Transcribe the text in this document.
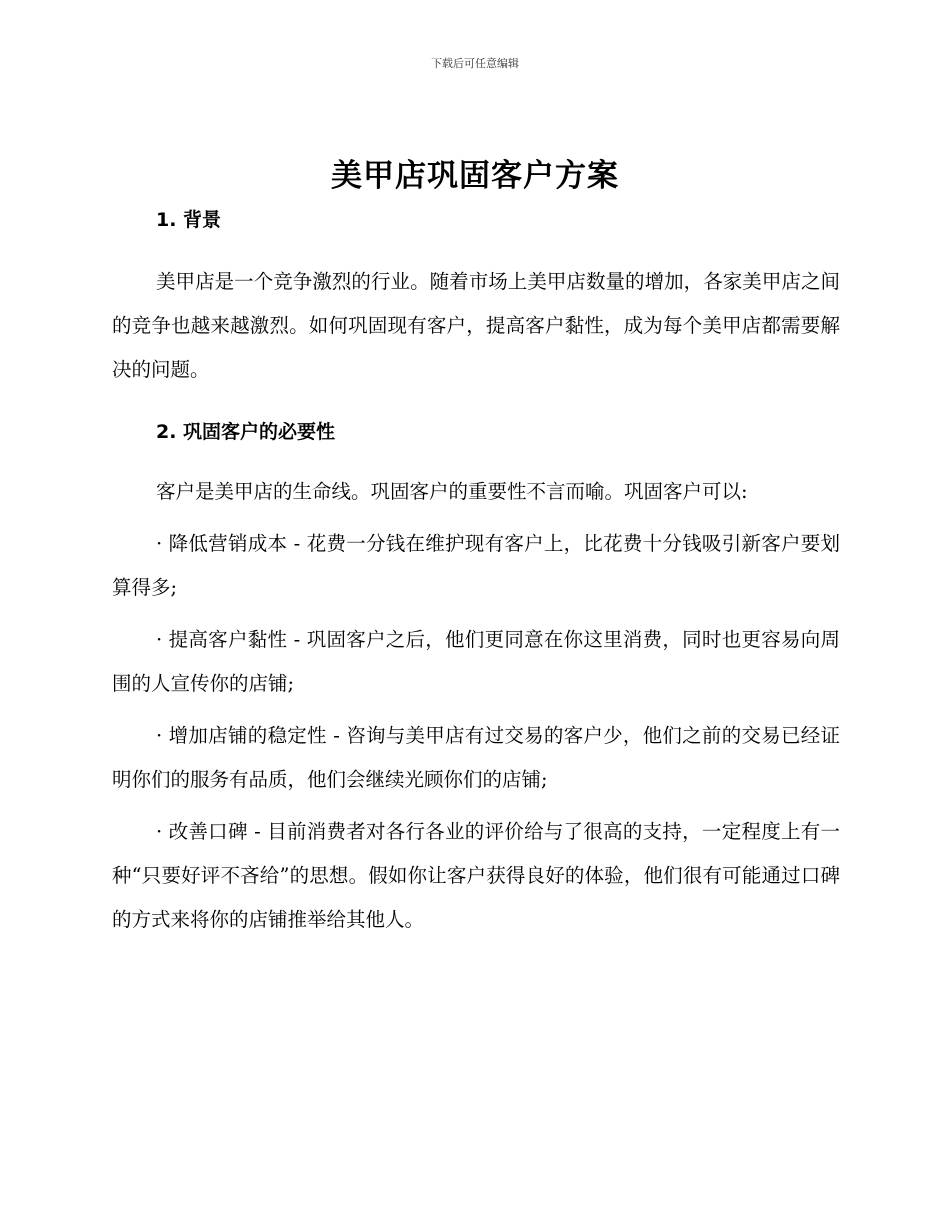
下载后可任意编辑
美甲店巩固客户方案
1. 背景

美甲店是一个竞争激烈的行业。随着市场上美甲店数量的增加，各家美甲店之间的竞争也越来越激烈。如何巩固现有客户，提高客户黏性，成为每个美甲店都需要解决的问题。

2. 巩固客户的必要性

客户是美甲店的生命线。巩固客户的重要性不言而喻。巩固客户可以:

· 降低营销成本 - 花费一分钱在维护现有客户上，比花费十分钱吸引新客户要划算得多;

· 提高客户黏性 - 巩固客户之后，他们更同意在你这里消费，同时也更容易向周围的人宣传你的店铺;

· 增加店铺的稳定性 - 咨询与美甲店有过交易的客户少，他们之前的交易已经证明你们的服务有品质，他们会继续光顾你们的店铺;

· 改善口碑 - 目前消费者对各行各业的评价给与了很高的支持，一定程度上有一种“只要好评不吝给”的思想。假如你让客户获得良好的体验，他们很有可能通过口碑的方式来将你的店铺推举给其他人。
